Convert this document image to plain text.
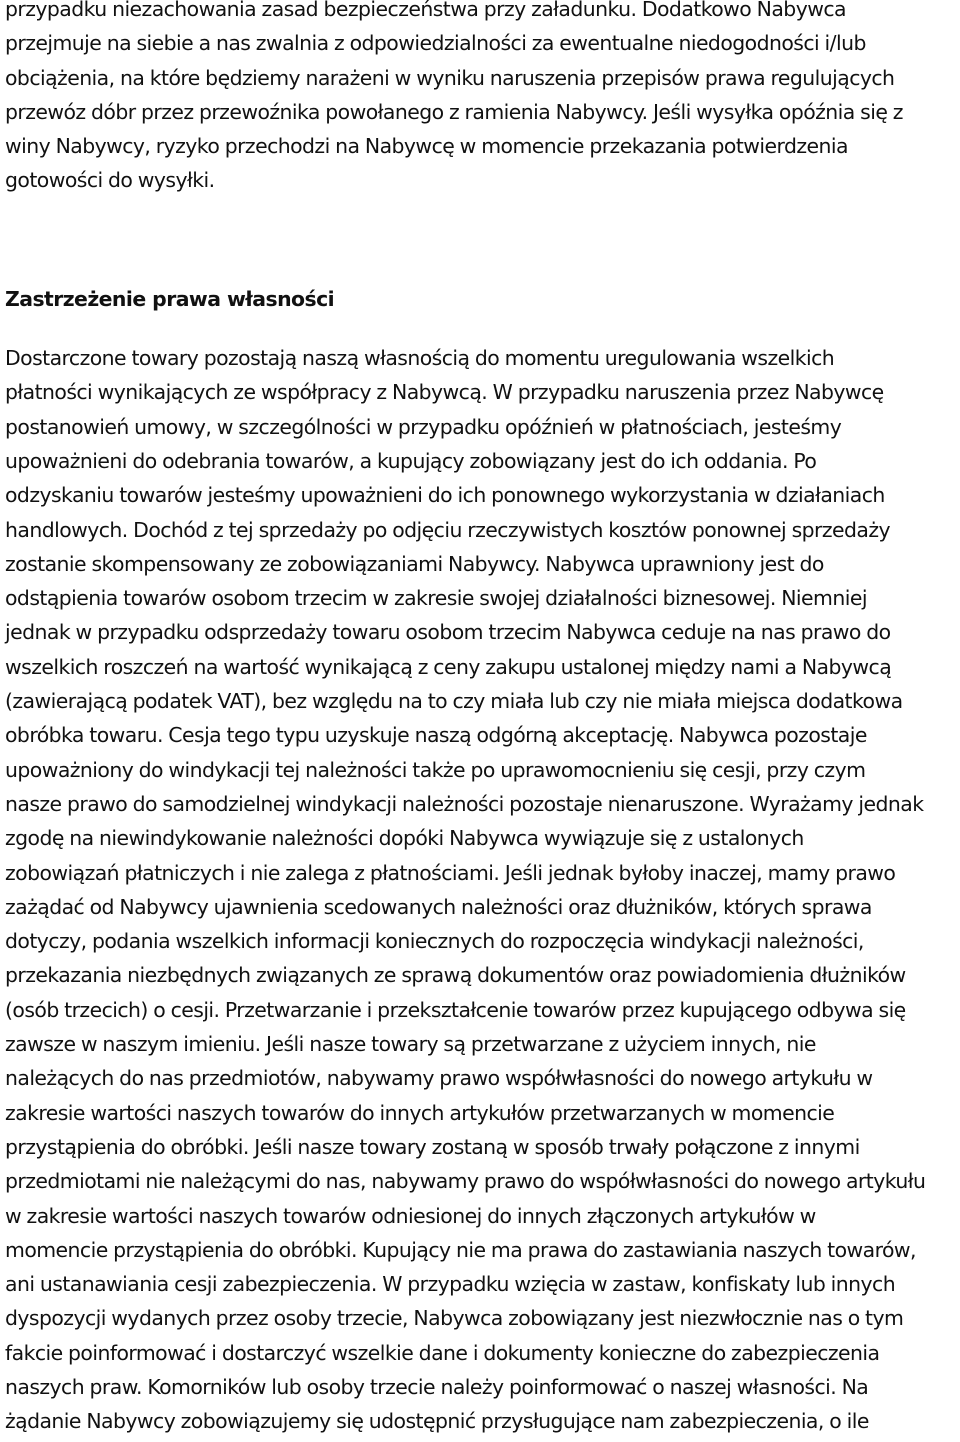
przypadku niezachowania zasad bezpieczeństwa przy załadunku. Dodatkowo Nabywca
przejmuje na siebie a nas zwalnia z odpowiedzialności za ewentualne niedogodności i/lub
obciążenia, na które będziemy narażeni w wyniku naruszenia przepisów prawa regulujących
przewóz dóbr przez przewoźnika powołanego z ramienia Nabywcy. Jeśli wysyłka opóźnia się z
winy Nabywcy, ryzyko przechodzi na Nabywcę w momencie przekazania potwierdzenia
gotowości do wysyłki.
Zastrzeżenie prawa własności
Dostarczone towary pozostają naszą własnością do momentu uregulowania wszelkich
płatności wynikających ze współpracy z Nabywcą. W przypadku naruszenia przez Nabywcę
postanowień umowy, w szczególności w przypadku opóźnień w płatnościach, jesteśmy
upoważnieni do odebrania towarów, a kupujący zobowiązany jest do ich oddania. Po
odzyskaniu towarów jesteśmy upoważnieni do ich ponownego wykorzystania w działaniach
handlowych. Dochód z tej sprzedaży po odjęciu rzeczywistych kosztów ponownej sprzedaży
zostanie skompensowany ze zobowiązaniami Nabywcy. Nabywca uprawniony jest do
odstąpienia towarów osobom trzecim w zakresie swojej działalności biznesowej. Niemniej
jednak w przypadku odsprzedaży towaru osobom trzecim Nabywca ceduje na nas prawo do
wszelkich roszczeń na wartość wynikającą z ceny zakupu ustalonej między nami a Nabywcą
(zawierającą podatek VAT), bez względu na to czy miała lub czy nie miała miejsca dodatkowa
obróbka towaru. Cesja tego typu uzyskuje naszą odgórną akceptację. Nabywca pozostaje
upoważniony do windykacji tej należności także po uprawomocnieniu się cesji, przy czym
nasze prawo do samodzielnej windykacji należności pozostaje nienaruszone. Wyrażamy jednak
zgodę na niewindykowanie należności dopóki Nabywca wywiązuje się z ustalonych
zobowiązań płatniczych i nie zalega z płatnościami. Jeśli jednak byłoby inaczej, mamy prawo
zażądać od Nabywcy ujawnienia scedowanych należności oraz dłużników, których sprawa
dotyczy, podania wszelkich informacji koniecznych do rozpoczęcia windykacji należności,
przekazania niezbędnych związanych ze sprawą dokumentów oraz powiadomienia dłużników
(osób trzecich) o cesji. Przetwarzanie i przekształcenie towarów przez kupującego odbywa się
zawsze w naszym imieniu. Jeśli nasze towary są przetwarzane z użyciem innych, nie
należących do nas przedmiotów, nabywamy prawo współwłasności do nowego artykułu w
zakresie wartości naszych towarów do innych artykułów przetwarzanych w momencie
przystąpienia do obróbki. Jeśli nasze towary zostaną w sposób trwały połączone z innymi
przedmiotami nie należącymi do nas, nabywamy prawo do współwłasności do nowego artykułu
w zakresie wartości naszych towarów odniesionej do innych złączonych artykułów w
momencie przystąpienia do obróbki. Kupujący nie ma prawa do zastawiania naszych towarów,
ani ustanawiania cesji zabezpieczenia. W przypadku wzięcia w zastaw, konfiskaty lub innych
dyspozycji wydanych przez osoby trzecie, Nabywca zobowiązany jest niezwłocznie nas o tym
fakcie poinformować i dostarczyć wszelkie dane i dokumenty konieczne do zabezpieczenia
naszych praw. Komorników lub osoby trzecie należy poinformować o naszej własności. Na
żądanie Nabywcy zobowiązujemy się udostępnić przysługujące nam zabezpieczenia, o ile
